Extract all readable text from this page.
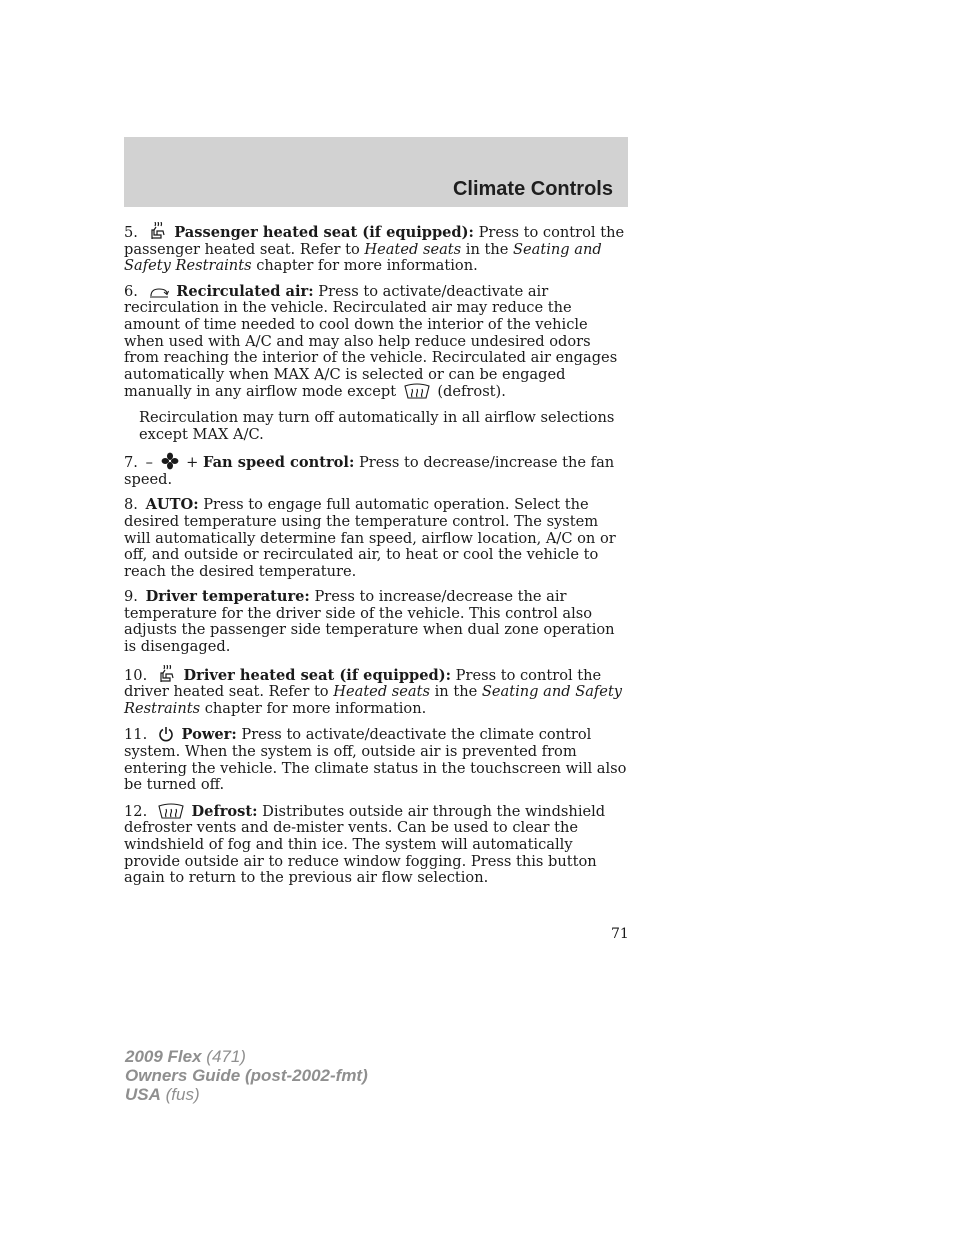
Climate Controls

5. Passenger heated seat (if equipped): Press to control the passenger heated seat. Refer to Heated seats in the Seating and Safety Restraints chapter for more information.

6.	Recirculated air: Press to activate/deactivate air recirculation in the vehicle. Recirculated air may reduce the amount of time needed to cool down the interior of the vehicle when used with A/C and may also help reduce undesired odors from reaching the interior of the vehicle. Recirculated air engages automatically when MAX A/C is selected or can be engaged manually in any airflow mode except
(defrost).

Recirculation may turn off automatically in all airflow selections except MAX A/C.

7. – + Fan speed control: Press to decrease/increase the fan speed.

8. AUTO: Press to engage full automatic operation. Select the desired temperature using the temperature control. The system will automatically determine fan speed, airflow location, A/C on or off, and outside or recirculated air, to heat or cool the vehicle to reach the desired temperature.

9. Driver temperature: Press to increase/decrease the air temperature for the driver side of the vehicle. This control also adjusts the passenger side temperature when dual zone operation is disengaged.

10. Driver heated seat (if equipped): Press to control the driver heated seat. Refer to Heated seats in the Seating and Safety Restraints chapter for more information.

11. Power: Press to activate/deactivate the climate control system. When the system is off, outside air is prevented from entering the vehicle. The climate status in the touchscreen will also be turned off.

12.	Defrost: Distributes outside air through the windshield defroster vents and de-mister vents. Can be used to clear the windshield of fog and thin ice. The system will automatically provide outside air to reduce window fogging. Press this button again to return to the previous air flow selection.

71
2009 Flex (471)
Owners Guide (post-2002-fmt)
USA (fus)
